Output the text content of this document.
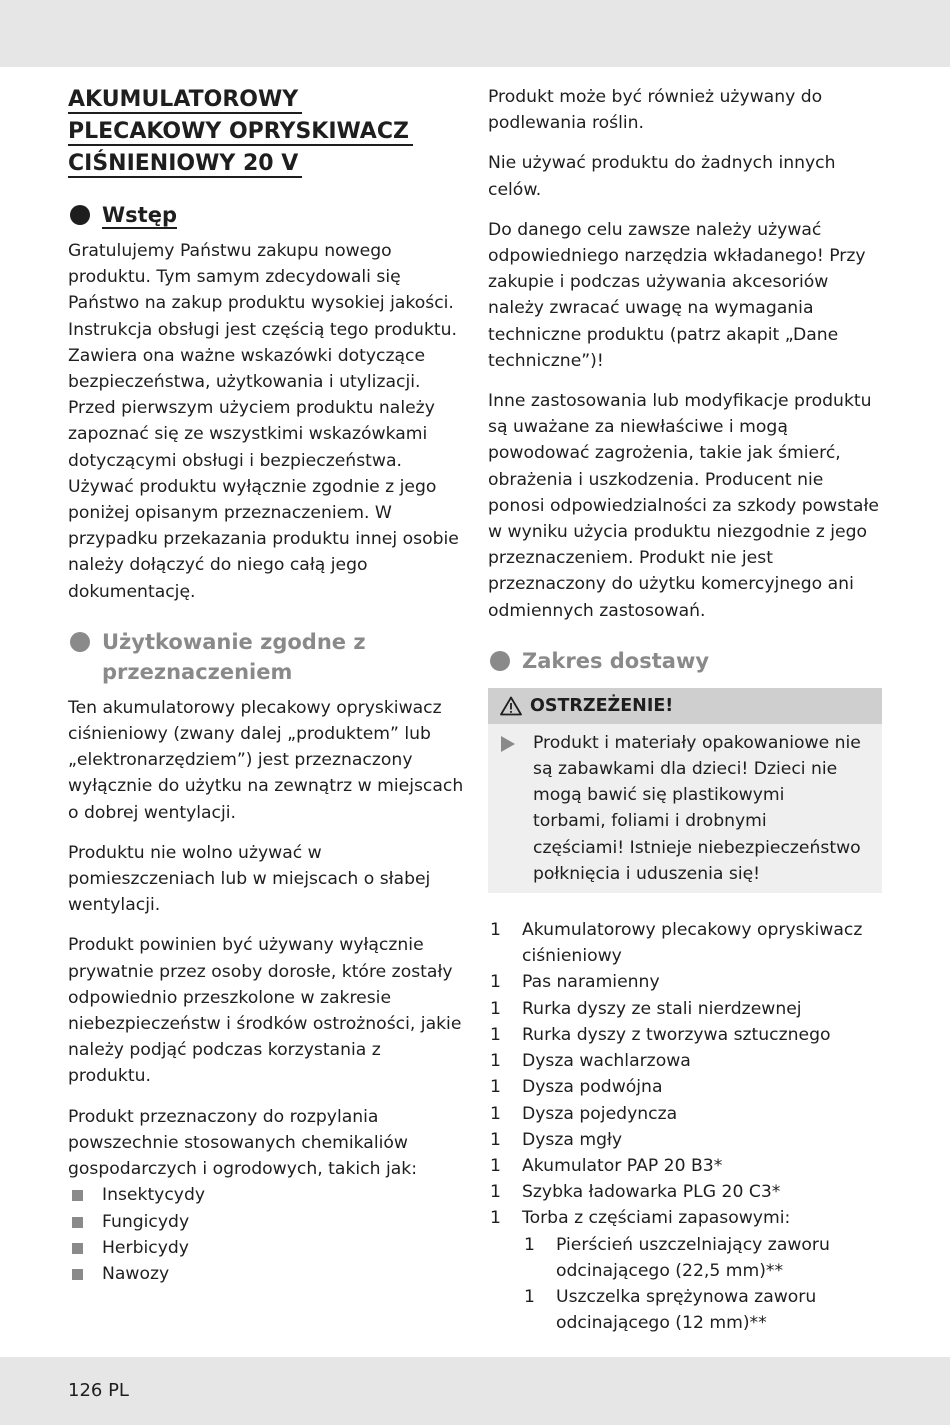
AKUMULATOROWY
PLECAKOWY OPRYSKIWACZ
CIŚNIENIOWY 20 V
Wstęp

Gratulujemy Państwu zakupu nowego produktu. Tym samym zdecydowali się Państwo na zakup produktu wysokiej jakości. Instrukcja obsługi jest częścią tego produktu. Zawiera ona ważne wskazówki dotyczące bezpieczeństwa, użytkowania i utylizacji. Przed pierwszym użyciem produktu należy zapoznać się ze wszystkimi wskazówkami dotyczącymi obsługi i bezpieczeństwa. Używać produktu wyłącznie zgodnie z jego poniżej opisanym przeznaczeniem. W przypadku przekazania produktu innej osobie należy dołączyć do niego całą jego dokumentację.

Użytkowanie zgodne z przeznaczeniem

Ten akumulatorowy plecakowy opryskiwacz ciśnieniowy (zwany dalej „produktem” lub „elektronarzędziem”) jest przeznaczony wyłącznie do użytku na zewnątrz w miejscach o dobrej wentylacji.

Produktu nie wolno używać w pomieszczeniach lub w miejscach o słabej wentylacji.

Produkt powinien być używany wyłącznie prywatnie przez osoby dorosłe, które zostały odpowiednio przeszkolone w zakresie niebezpieczeństw i środków ostrożności, jakie należy podjąć podczas korzystania z produktu.

Produkt przeznaczony do rozpylania powszechnie stosowanych chemikaliów gospodarczych i ogrodowych, takich jak:

Insektycydy
Fungicydy
Herbicydy
Nawozy

Produkt może być również używany do podlewania roślin.

Nie używać produktu do żadnych innych celów.

Do danego celu zawsze należy używać odpowiedniego narzędzia wkładanego! Przy zakupie i podczas używania akcesoriów należy zwracać uwagę na wymagania techniczne produktu (patrz akapit „Dane techniczne”)!

Inne zastosowania lub modyfikacje produktu są uważane za niewłaściwe i mogą powodować zagrożenia, takie jak śmierć, obrażenia i uszkodzenia. Producent nie ponosi odpowiedzialności za szkody powstałe w wyniku użycia produktu niezgodnie z jego przeznaczeniem. Produkt nie jest przeznaczony do użytku komercyjnego ani odmiennych zastosowań.

Zakres dostawy
OSTRZEŻENIE!
Produkt i materiały opakowaniowe nie są zabawkami dla dzieci! Dzieci nie mogą bawić się plastikowymi torbami, foliami i drobnymi częściami! Istnieje niebezpieczeństwo połknięcia i uduszenia się!
1 Akumulatorowy plecakowy opryskiwacz ciśnieniowy
1 Pas naramienny
1 Rurka dyszy ze stali nierdzewnej
1 Rurka dyszy z tworzywa sztucznego
1 Dysza wachlarzowa
1 Dysza podwójna
1 Dysza pojedyncza
1 Dysza mgły
1 Akumulator PAP 20 B3*
1 Szybka ładowarka PLG 20 C3*
1 Torba z częściami zapasowymi:
1 Pierścień uszczelniający zaworu odcinającego (22,5 mm)**
1 Uszczelka sprężynowa zaworu odcinającego (12 mm)**
126 PL
